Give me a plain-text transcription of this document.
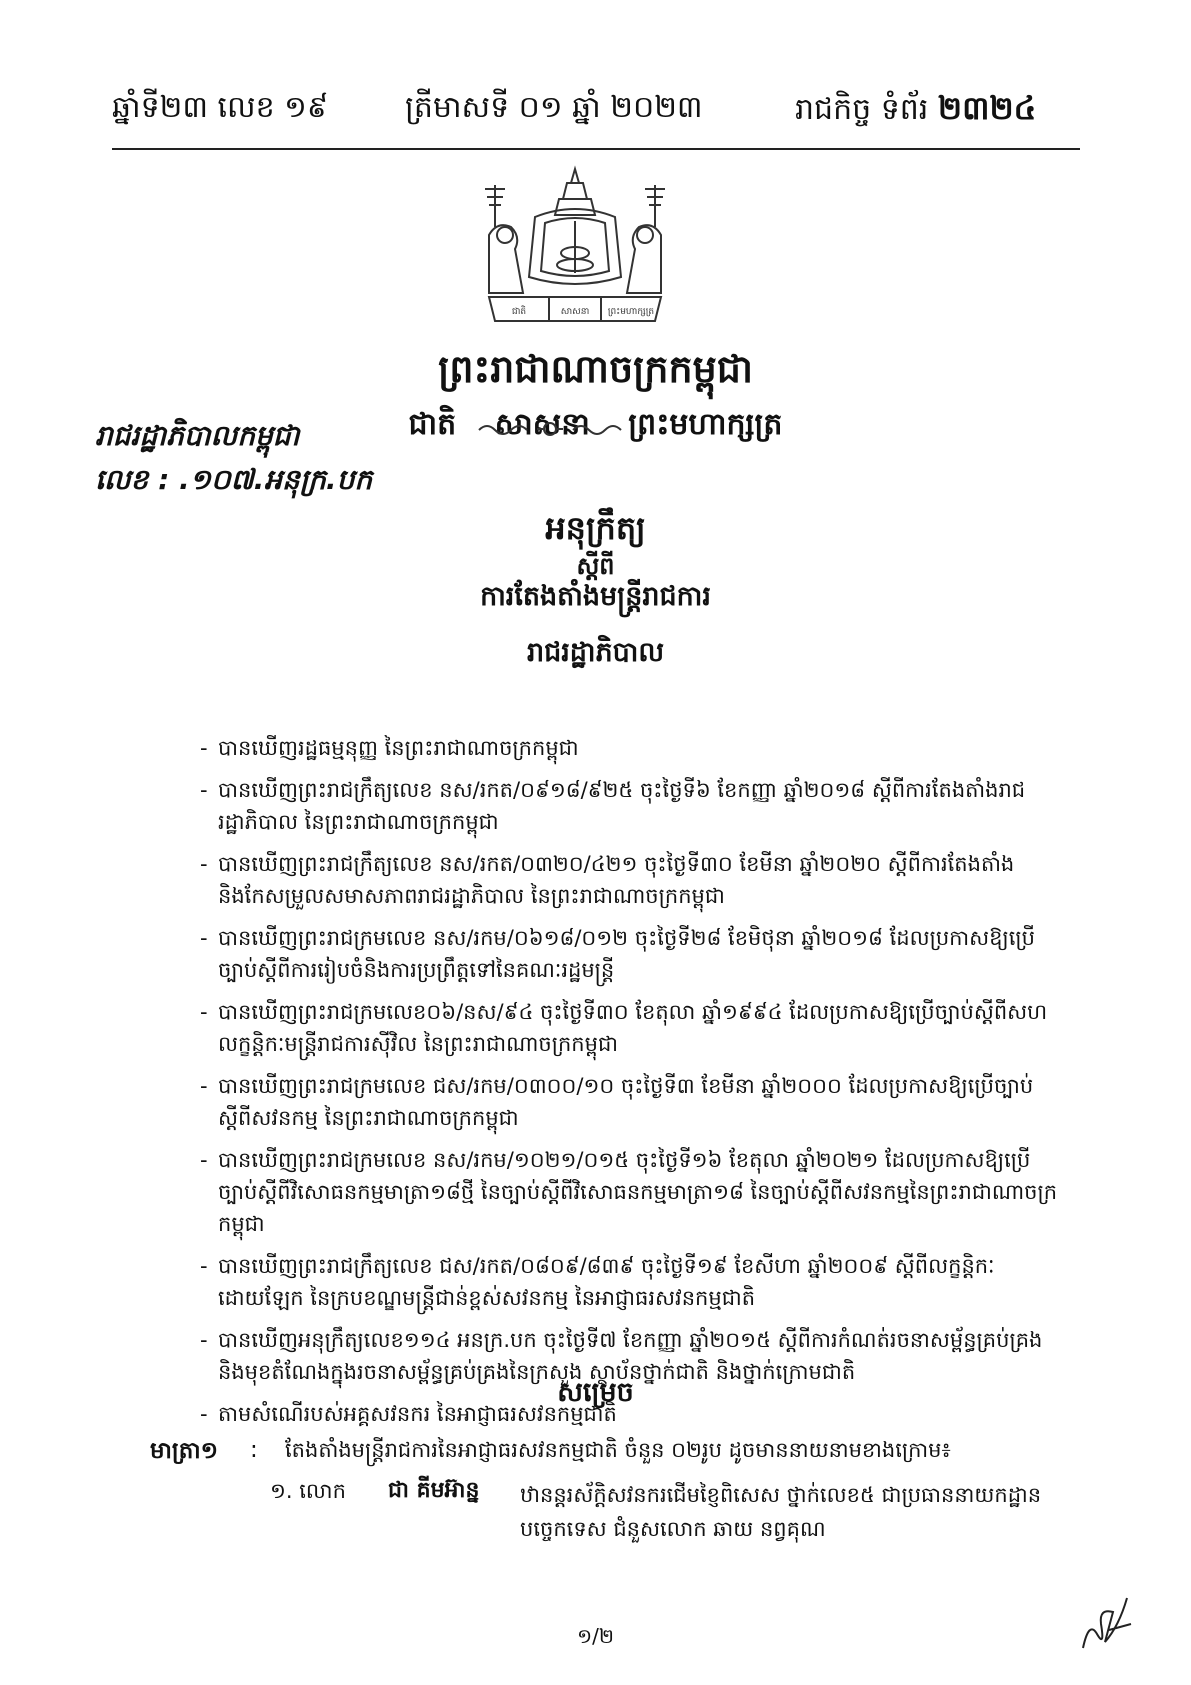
ឆ្នាំទី២៣ លេខ ១៩	ត្រីមាសទី ០១ ឆ្នាំ ២០២៣	រាជកិច្ច ទំព័រ ២៣២៤
ជាតិ	សាសនា ព្រះមហាក្សត្រ
ព្រះរាជាណាចក្រកម្ពុជា
ជាតិ សាសនា ព្រះមហាក្សត្រ
រាជរដ្ឋាភិបាលកម្ពុជា
លេខ : .១០៧.អនុក្រ.បក
អនុក្រឹត្យ
ស្តីពី
ការតែងតាំងមន្ត្រីរាជការ
រាជរដ្ឋាភិបាល
- បានឃើញរដ្ឋធម្មនុញ្ញ នៃព្រះរាជាណាចក្រកម្ពុជា
- បានឃើញព្រះរាជក្រឹត្យលេខ នស/រកត/០៩១៨/៩២៥ ចុះថ្ងៃទី៦ ខែកញ្ញា ឆ្នាំ២០១៨ ស្តីពីការតែងតាំងរាជរដ្ឋាភិបាល នៃព្រះរាជាណាចក្រកម្ពុជា
- បានឃើញព្រះរាជក្រឹត្យលេខ នស/រកត/០៣២០/៤២១ ចុះថ្ងៃទី៣០ ខែមីនា ឆ្នាំ២០២០ ស្តីពីការតែងតាំង និងកែសម្រួលសមាសភាពរាជរដ្ឋាភិបាល នៃព្រះរាជាណាចក្រកម្ពុជា
- បានឃើញព្រះរាជក្រមលេខ នស/រកម/០៦១៨/០១២ ចុះថ្ងៃទី២៨ ខែមិថុនា ឆ្នាំ២០១៨ ដែលប្រកាសឱ្យប្រើច្បាប់ស្តីពីការរៀបចំនិងការប្រព្រឹត្តទៅនៃគណៈរដ្ឋមន្ត្រី
- បានឃើញព្រះរាជក្រមលេខ០៦/នស/៩៤ ចុះថ្ងៃទី៣០ ខែតុលា ឆ្នាំ១៩៩៤ ដែលប្រកាសឱ្យប្រើច្បាប់ស្តីពីសហលក្ខន្តិកៈមន្ត្រីរាជការស៊ីវិល នៃព្រះរាជាណាចក្រកម្ពុជា
- បានឃើញព្រះរាជក្រមលេខ ជស/រកម/០៣០០/១០ ចុះថ្ងៃទី៣ ខែមីនា ឆ្នាំ២០០០ ដែលប្រកាសឱ្យប្រើច្បាប់ស្តីពីសវនកម្ម នៃព្រះរាជាណាចក្រកម្ពុជា
- បានឃើញព្រះរាជក្រមលេខ នស/រកម/១០២១/០១៥ ចុះថ្ងៃទី១៦ ខែតុលា ឆ្នាំ២០២១ ដែលប្រកាសឱ្យប្រើច្បាប់ស្តីពីវិសោធនកម្មមាត្រា១៨ថ្មី នៃច្បាប់ស្តីពីវិសោធនកម្មមាត្រា១៨ នៃច្បាប់ស្តីពីសវនកម្មនៃព្រះរាជាណាចក្រកម្ពុជា
- បានឃើញព្រះរាជក្រឹត្យលេខ ជស/រកត/០៨០៩/៨៣៩ ចុះថ្ងៃទី១៩ ខែសីហា ឆ្នាំ២០០៩ ស្តីពីលក្ខន្តិកៈដោយឡែក នៃក្របខណ្ឌមន្ត្រីជាន់ខ្ពស់សវនកម្ម នៃអាជ្ញាធរសវនកម្មជាតិ
- បានឃើញអនុក្រឹត្យលេខ១១៤ អនក្រ.បក ចុះថ្ងៃទី៧ ខែកញ្ញា ឆ្នាំ២០១៥ ស្តីពីការកំណត់រចនាសម្ព័ន្ធគ្រប់គ្រង និងមុខតំណែងក្នុងរចនាសម្ព័ន្ធគ្រប់គ្រងនៃក្រសួង ស្ថាប័នថ្នាក់ជាតិ និងថ្នាក់ក្រោមជាតិ
- តាមសំណើរបស់អគ្គសវនករ នៃអាជ្ញាធរសវនកម្មជាតិ
សម្រេច
មាត្រា១ : តែងតាំងមន្ត្រីរាជការនៃអាជ្ញាធរសវនកម្មជាតិ ចំនួន ០២រូប ដូចមាននាយនាមខាងក្រោម៖
១. លោក ជា គីមអ៊ាន្ន ឋានន្តរស័ក្តិសវនករជើមខ្ញៃពិសេស ថ្នាក់លេខ៥ ជាប្រធាននាយកដ្ឋានបច្ចេកទេស ជំនួសលោក ឆាយ នព្វគុណ
១/២
